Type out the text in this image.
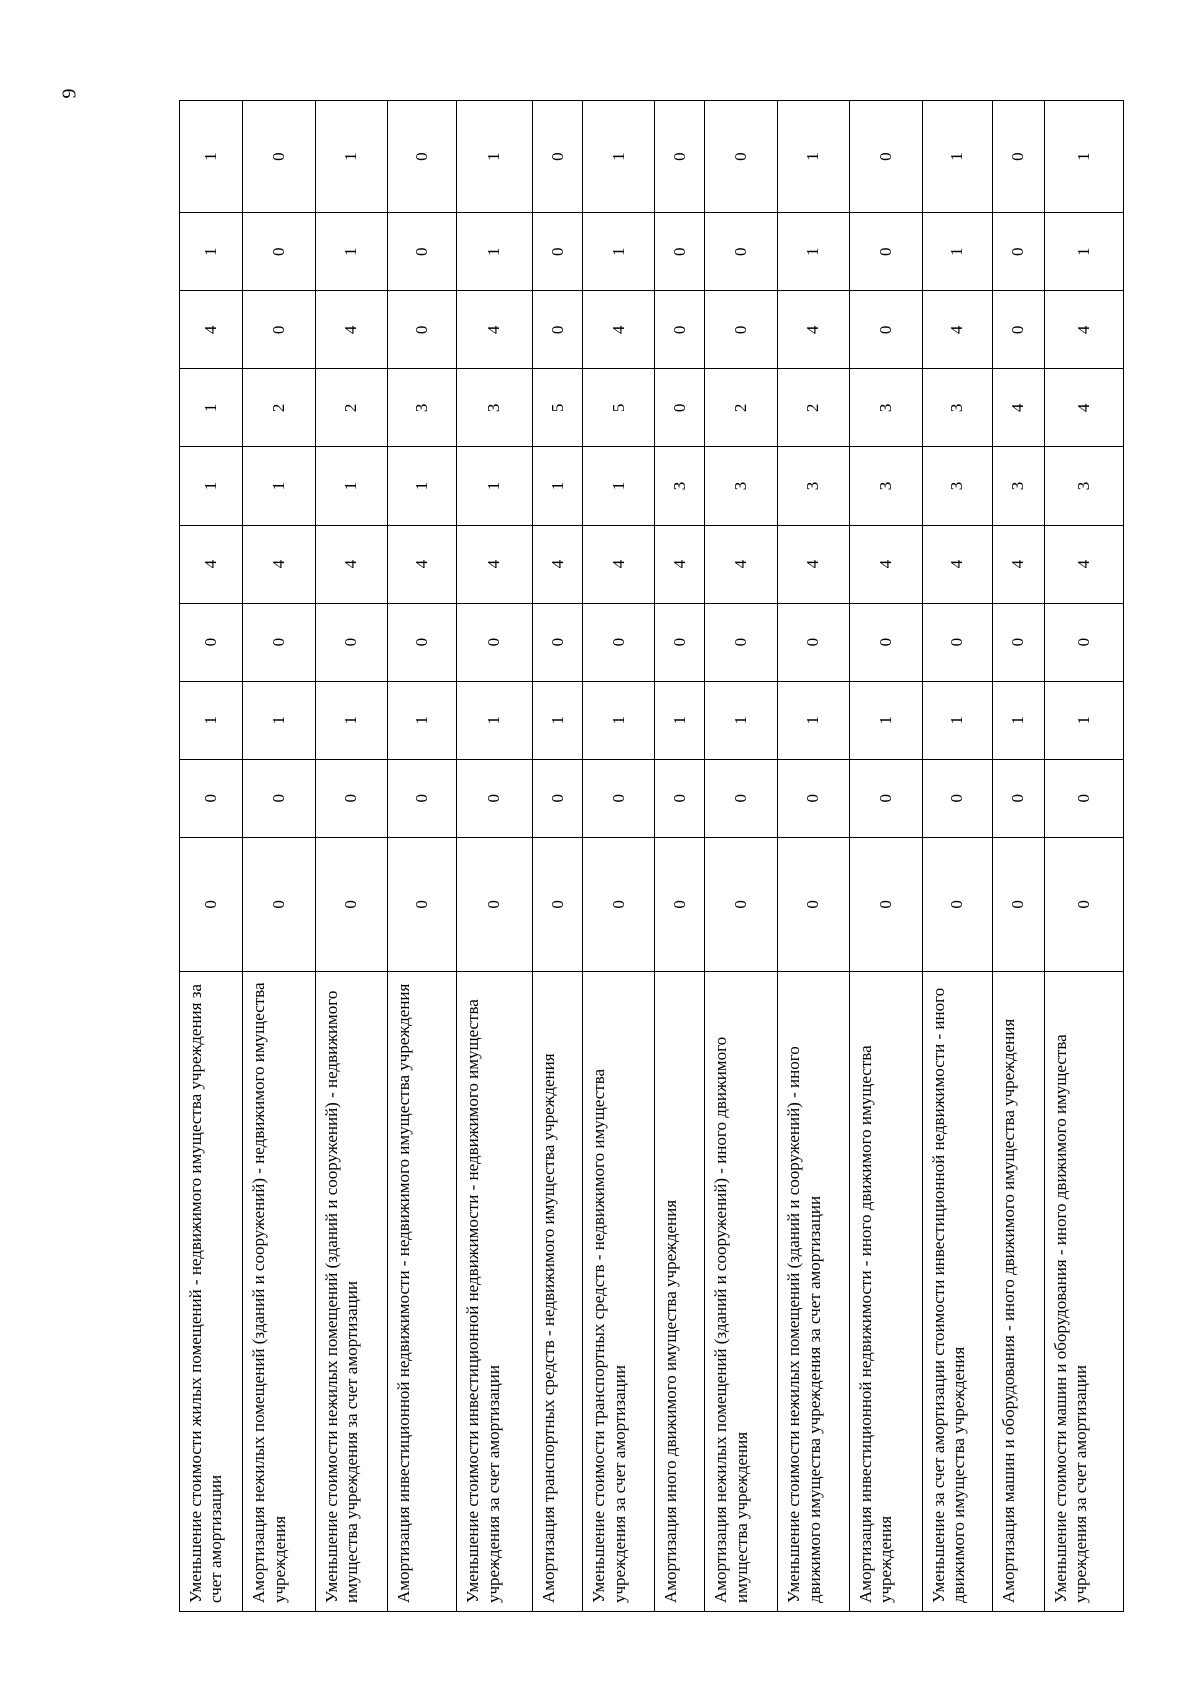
9
Уменьшение стоимости жилых помещений - недвижимого имущества учреждения за счет амортизации	0	0	1	0	4	1	1	4	1	1
Амортизация нежилых помещений (зданий и сооружений) - недвижимого имущества учреждения	0	0	1	0	4	1	2	0	0	0
Уменьшение стоимости нежилых помещений (зданий и сооружений) - недвижимого имущества учреждения за счет амортизации	0	0	1	0	4	1	2	4	1	1
Амортизация инвестиционной недвижимости - недвижимого имущества учреждения	0	0	1	0	4	1	3	0	0	0
Уменьшение стоимости инвестиционной недвижимости - недвижимого имущества учреждения за счет амортизации	0	0	1	0	4	1	3	4	1	1
Амортизация транспортных средств - недвижимого имущества учреждения	0	0	1	0	4	1	5	0	0	0
Уменьшение стоимости транспортных средств - недвижимого имущества учреждения за счет амортизации	0	0	1	0	4	1	5	4	1	1
Амортизация иного движимого имущества учреждения	0	0	1	0	4	3	0	0	0	0
Амортизация нежилых помещений (зданий и сооружений) - иного движимого имущества учреждения	0	0	1	0	4	3	2	0	0	0
Уменьшение стоимости нежилых помещений (зданий и сооружений) - иного движимого имущества учреждения за счет амортизации	0	0	1	0	4	3	2	4	1	1
Амортизация инвестиционной недвижимости - иного движимого имущества учреждения	0	0	1	0	4	3	3	0	0	0
Уменьшение за счет амортизации стоимости инвестиционной недвижимости - иного движимого имущества учреждения	0	0	1	0	4	3	3	4	1	1
Амортизация машин и оборудования - иного движимого имущества учреждения	0	0	1	0	4	3	4	0	0	0
Уменьшение стоимости машин и оборудования - иного движимого имущества учреждения за счет амортизации	0	0	1	0	4	3	4	4	1	1
